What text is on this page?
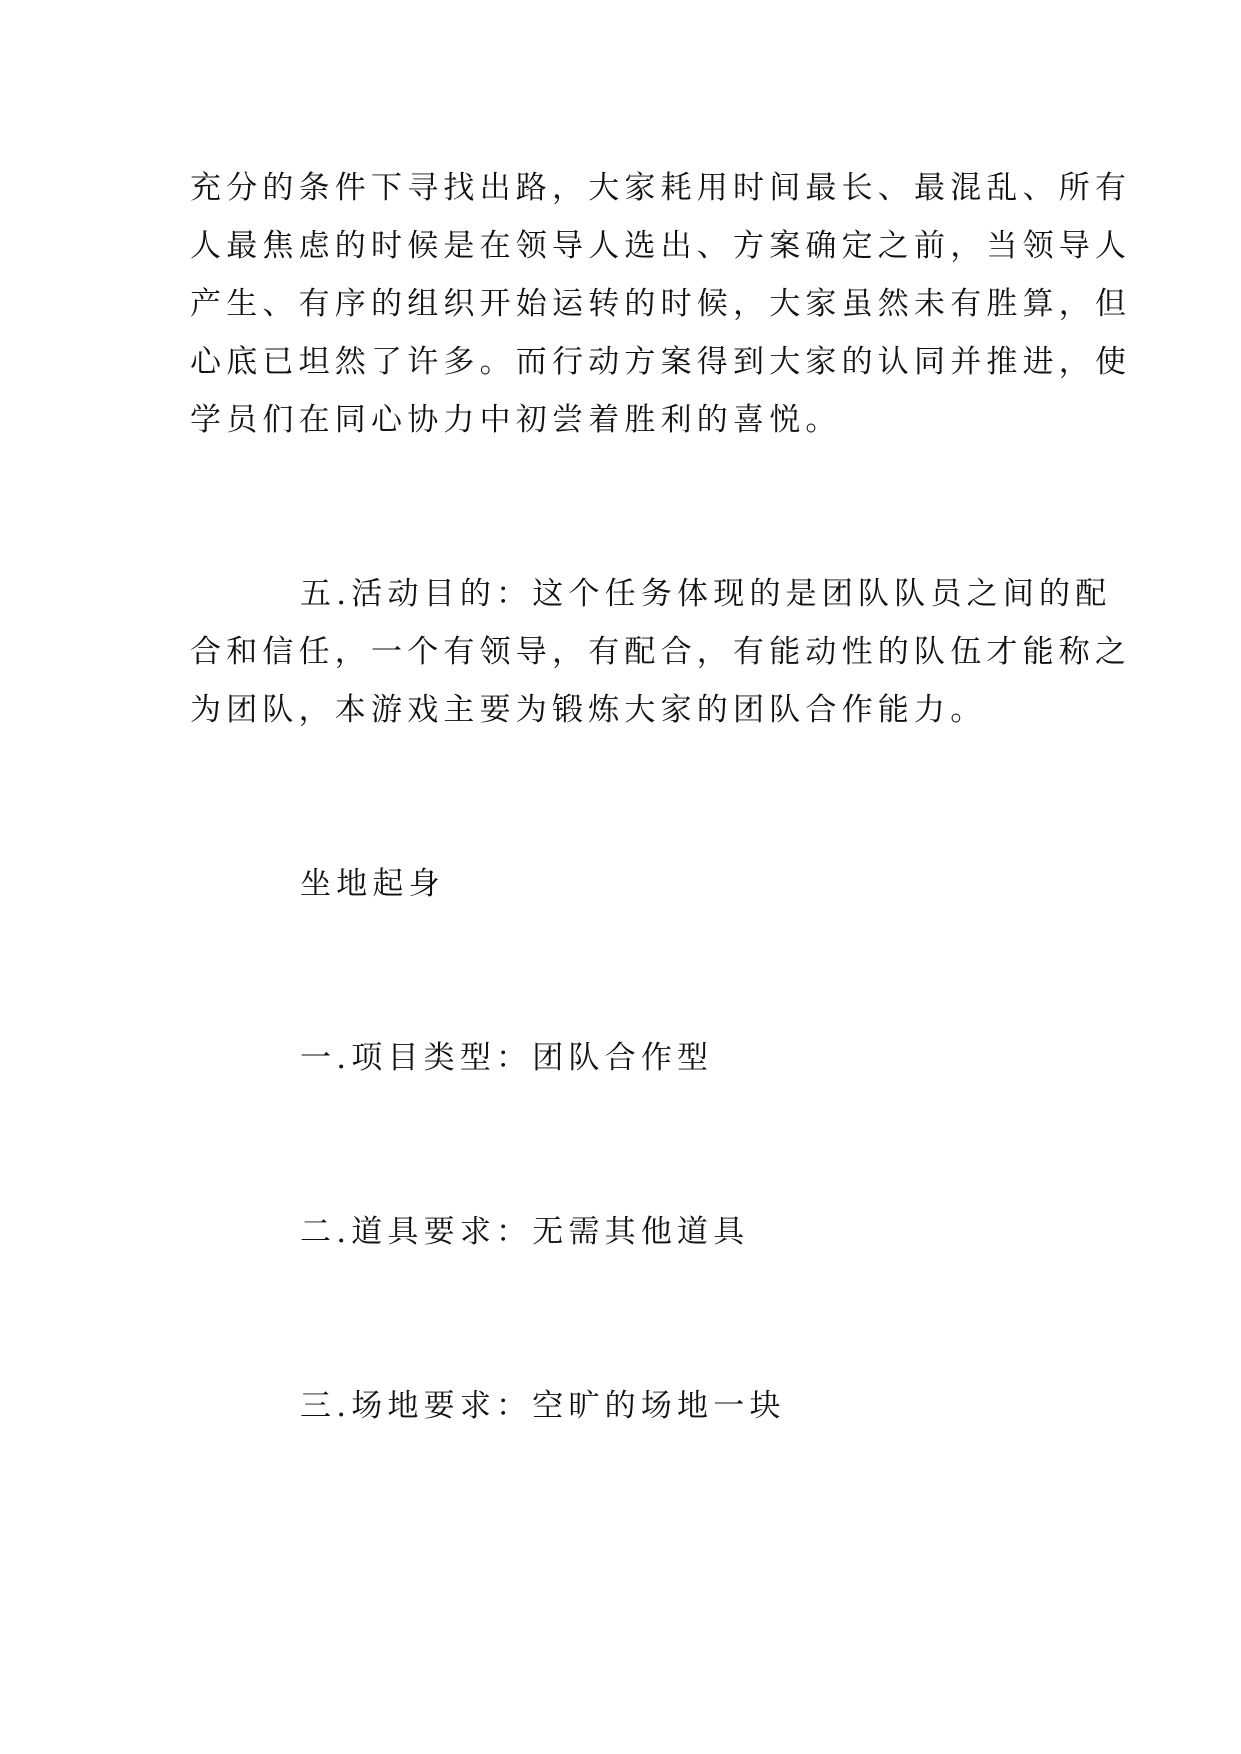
充分的条件下寻找出路，大家耗用时间最长、最混乱、所有
人最焦虑的时候是在领导人选出、方案确定之前，当领导人
产生、有序的组织开始运转的时候，大家虽然未有胜算，但
心底已坦然了许多。而行动方案得到大家的认同并推进，使
学员们在同心协力中初尝着胜利的喜悦。
五.活动目的：这个任务体现的是团队队员之间的配
合和信任，一个有领导，有配合，有能动性的队伍才能称之
为团队，本游戏主要为锻炼大家的团队合作能力。
坐地起身
一.项目类型：团队合作型
二.道具要求：无需其他道具
三.场地要求：空旷的场地一块
